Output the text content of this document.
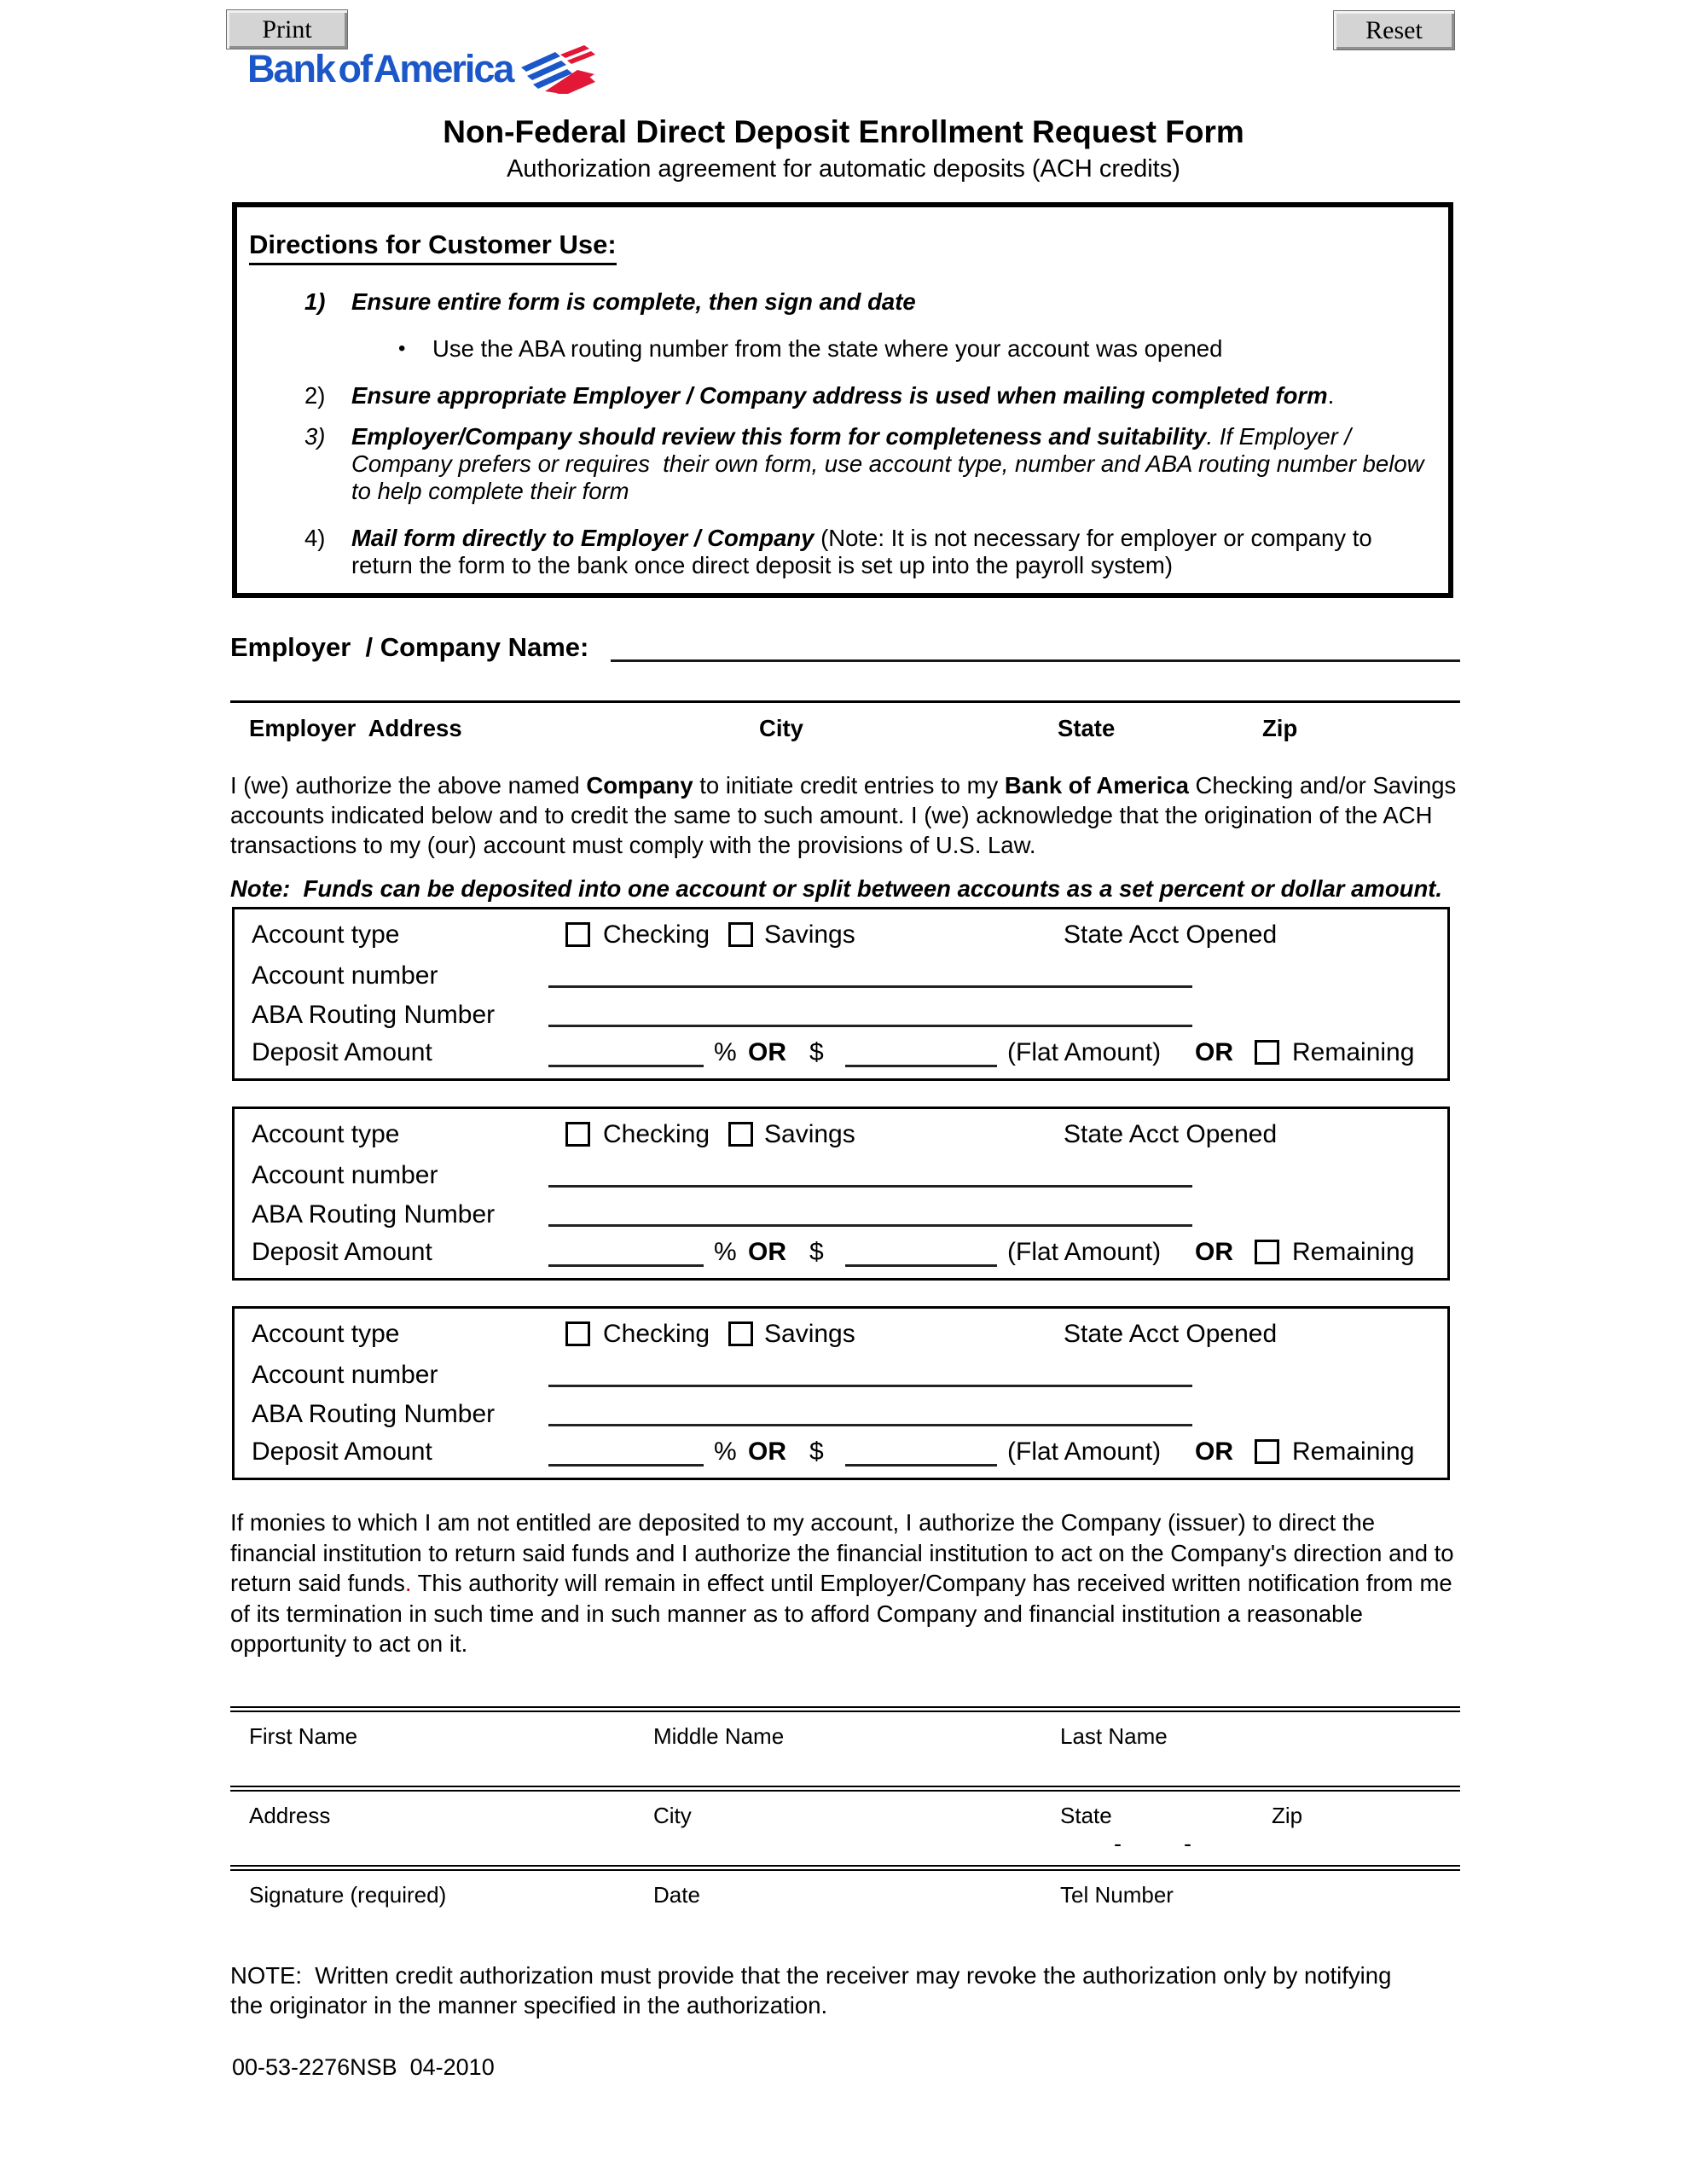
Print	Reset
Bank of America
Non-Federal Direct Deposit Enrollment Request Form
Authorization agreement for automatic deposits (ACH credits)
Directions for Customer Use:
1)	Ensure entire form is complete, then sign and date
•	Use the ABA routing number from the state where your account was opened
2)	Ensure appropriate Employer / Company address is used when mailing completed form.
3)	Employer/Company should review this form for completeness and suitability. If Employer / Company prefers or requires  their own form, use account type, number and ABA routing number below to help complete their form
4)	Mail form directly to Employer / Company (Note: It is not necessary for employer or company to return the form to the bank once direct deposit is set up into the payroll system)
Employer  / Company Name:
Employer  Address	City	State	Zip
I (we) authorize the above named Company to initiate credit entries to my Bank of America Checking and/or Savings accounts indicated below and to credit the same to such amount. I (we) acknowledge that the origination of the ACH transactions to my (our) account must comply with the provisions of U.S. Law.
Note:  Funds can be deposited into one account or split between accounts as a set percent or dollar amount.
Account type	Checking Savings	State Acct Opened
Account number
ABA Routing Number
Deposit Amount	% OR $	(Flat Amount) OR Remaining
Account type	Checking Savings	State Acct Opened
Account number
ABA Routing Number
Deposit Amount	% OR $	(Flat Amount) OR Remaining
Account type	Checking Savings	State Acct Opened
Account number
ABA Routing Number
Deposit Amount	% OR $	(Flat Amount) OR Remaining
If monies to which I am not entitled are deposited to my account, I authorize the Company (issuer) to direct the financial institution to return said funds and I authorize the financial institution to act on the Company's direction and to return said funds. This authority will remain in effect until Employer/Company has received written notification from me of its termination in such time and in such manner as to afford Company and financial institution a reasonable opportunity to act on it.
First Name	Middle Name	Last Name
Address	City	State	Zip
-	-
Signature (required)	Date	Tel Number
NOTE:  Written credit authorization must provide that the receiver may revoke the authorization only by notifying the originator in the manner specified in the authorization.
00-53-2276NSB  04-2010
